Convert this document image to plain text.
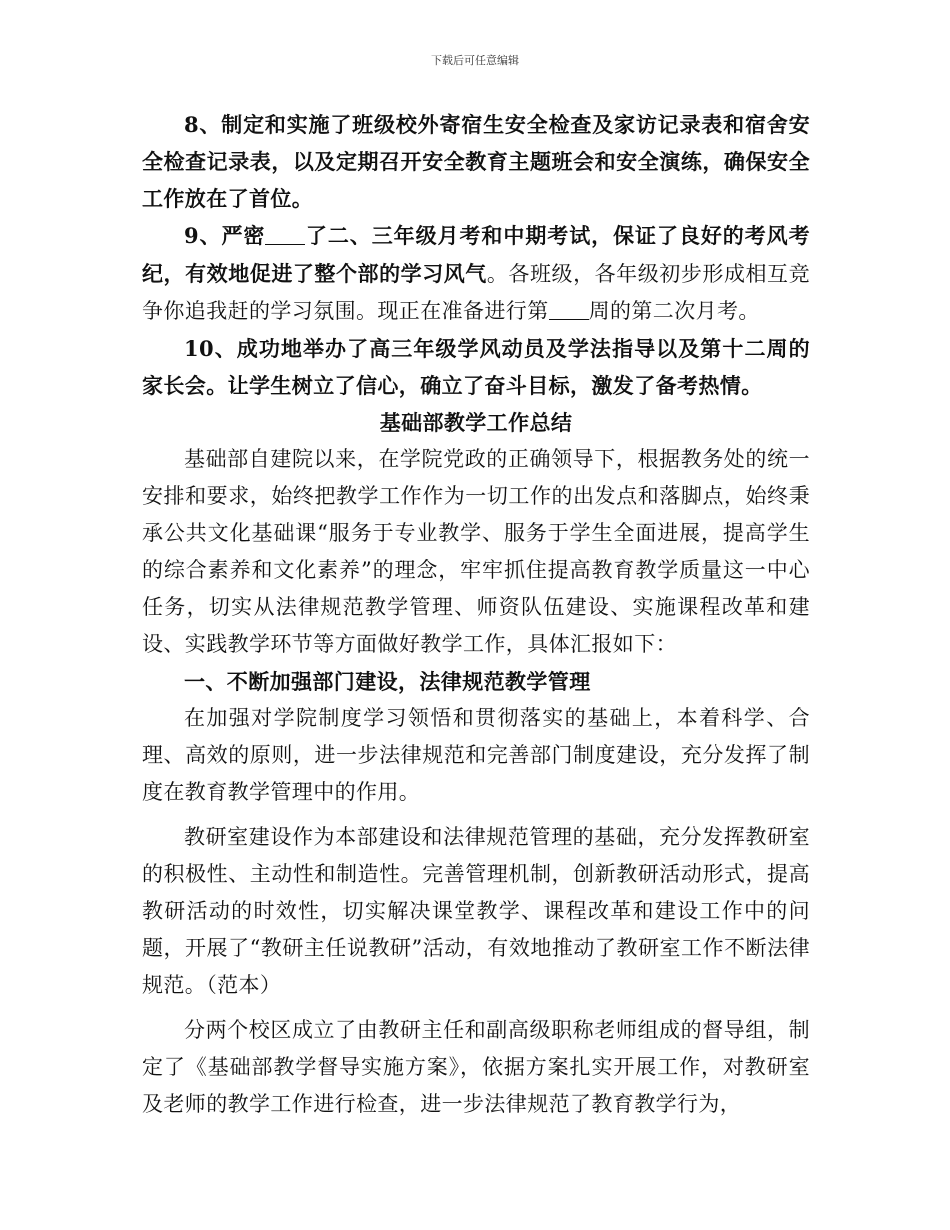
下载后可任意编辑

8、制定和实施了班级校外寄宿生安全检查及家访记录表和宿舍安全检查记录表，以及定期召开安全教育主题班会和安全演练，确保安全工作放在了首位。

9、严密 了二、三年级月考和中期考试，保证了良好的考风考纪，有效地促进了整个部的学习风气。各班级，各年级初步形成相互竞争你追我赶的学习氛围。现正在准备进行第 周的第二次月考。

10、成功地举办了高三年级学风动员及学法指导以及第十二周的家长会。让学生树立了信心，确立了奋斗目标，激发了备考热情。

基础部教学工作总结

基础部自建院以来，在学院党政的正确领导下，根据教务处的统一安排和要求，始终把教学工作作为一切工作的出发点和落脚点，始终秉承公共文化基础课“服务于专业教学、服务于学生全面进展，提高学生的综合素养和文化素养”的理念，牢牢抓住提高教育教学质量这一中心任务，切实从法律规范教学管理、师资队伍建设、实施课程改革和建设、实践教学环节等方面做好教学工作，具体汇报如下：

一、不断加强部门建设，法律规范教学管理

在加强对学院制度学习领悟和贯彻落实的基础上，本着科学、合理、高效的原则，进一步法律规范和完善部门制度建设，充分发挥了制度在教育教学管理中的作用。

教研室建设作为本部建设和法律规范管理的基础，充分发挥教研室的积极性、主动性和制造性。完善管理机制，创新教研活动形式，提高教研活动的时效性，切实解决课堂教学、课程改革和建设工作中的问题，开展了“教研主任说教研”活动，有效地推动了教研室工作不断法律规范。（范本）

分两个校区成立了由教研主任和副高级职称老师组成的督导组，制定了《基础部教学督导实施方案》，依据方案扎实开展工作，对教研室及老师的教学工作进行检查，进一步法律规范了教育教学行为，
